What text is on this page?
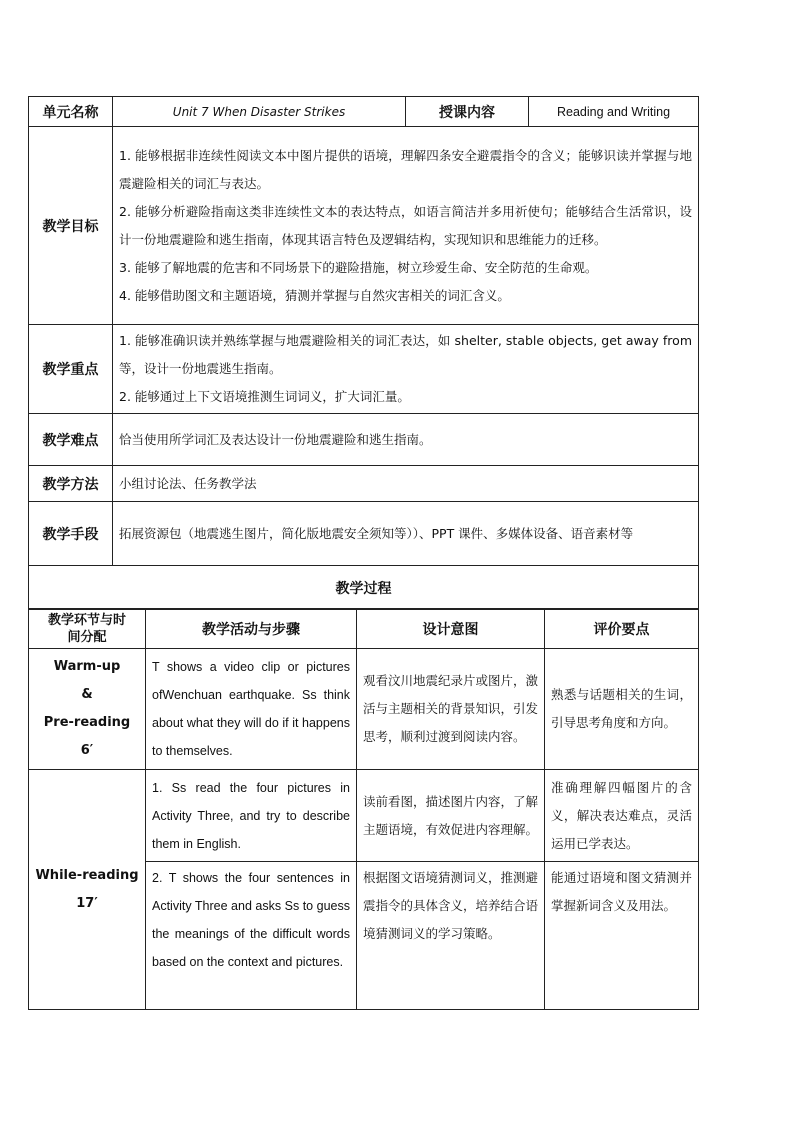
单元名称	Unit 7 When Disaster Strikes	授课内容	Reading and Writing
教学目标	1. 能够根据非连续性阅读文本中图片提供的语境，理解四条安全避震指令的含义；能够识读并掌握与地震避险相关的词汇与表达。

2. 能够分析避险指南这类非连续性文本的表达特点，如语言简洁并多用祈使句；能够结合生活常识，设计一份地震避险和逃生指南，体现其语言特色及逻辑结构，实现知识和思维能力的迁移。

3. 能够了解地震的危害和不同场景下的避险措施，树立珍爱生命、安全防范的生命观。

4. 能够借助图文和主题语境，猜测并掌握与自然灾害相关的词汇含义。		

教学重点	1. 能够准确识读并熟练掌握与地震避险相关的词汇表达，如 shelter, stable objects, get away from 等，设计一份地震逃生指南。

2. 能够通过上下文语境推测生词词义，扩大词汇量。		

教学难点	恰当使用所学词汇及表达设计一份地震避险和逃生指南。		
教学方法	小组讨论法、任务教学法		
教学手段	拓展资源包（地震逃生图片，简化版地震安全须知等））、PPT 课件、多媒体设备、语音素材等		
教学过程			
教学环节与时间分配	教学活动与步骤	设计意图	评价要点

Warm-up

&

Pre-reading

6′	T shows a video clip or pictures ofWenchuan earthquake. Ss think about what they will do if it happens to themselves.	观看汶川地震纪录片或图片，激活与主题相关的背景知识，引发思考，顺利过渡到阅读内容。	熟悉与话题相关的生词，引导思考角度和方向。

While-reading

17′	1. Ss read the four pictures in Activity Three, and try to describe them in English.	读前看图，描述图片内容，了解主题语境，有效促进内容理解。	准确理解四幅图片的含义，解决表达难点，灵活运用已学表达。
	2. T shows the four sentences in Activity Three and asks Ss to guess the meanings of the difficult words based on the context and pictures.	根据图文语境猜测词义，推测避震指令的具体含义，培养结合语境猜测词义的学习策略。	能通过语境和图文猜测并掌握新词含义及用法。
